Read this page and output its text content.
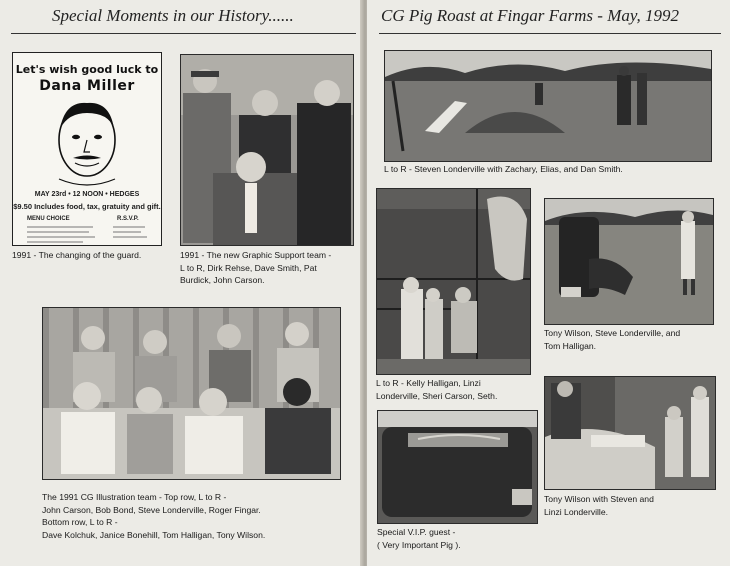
Special Moments in our History......
Let's wish good luck to
Dana Miller
MAY 23rd • 12 NOON • HEDGES
$9.50 Includes food, tax, gratuity and gift.
MENU CHOICE	R.S.V.P.
1991 - The changing of the guard.	1991 - The new Graphic Support team -
L to R, Dirk Rehse, Dave Smith, Pat
Burdick, John Carson.
The 1991 CG Illustration team - Top row, L to R -
John Carson, Bob Bond, Steve Londerville, Roger Fingar.
Bottom row, L to R -
Dave Kolchuk, Janice Bonehill, Tom Halligan, Tony Wilson.
CG Pig Roast at Fingar Farms - May, 1992
L to R - Steven Londerville with Zachary, Elias, and Dan Smith.
L to R - Kelly Halligan, Linzi
Londerville, Sheri Carson, Seth.
Tony Wilson, Steve Londerville, and
Tom Halligan.
Special V.I.P. guest -
( Very Important Pig ).
Tony Wilson with Steven and
Linzi Londerville.
